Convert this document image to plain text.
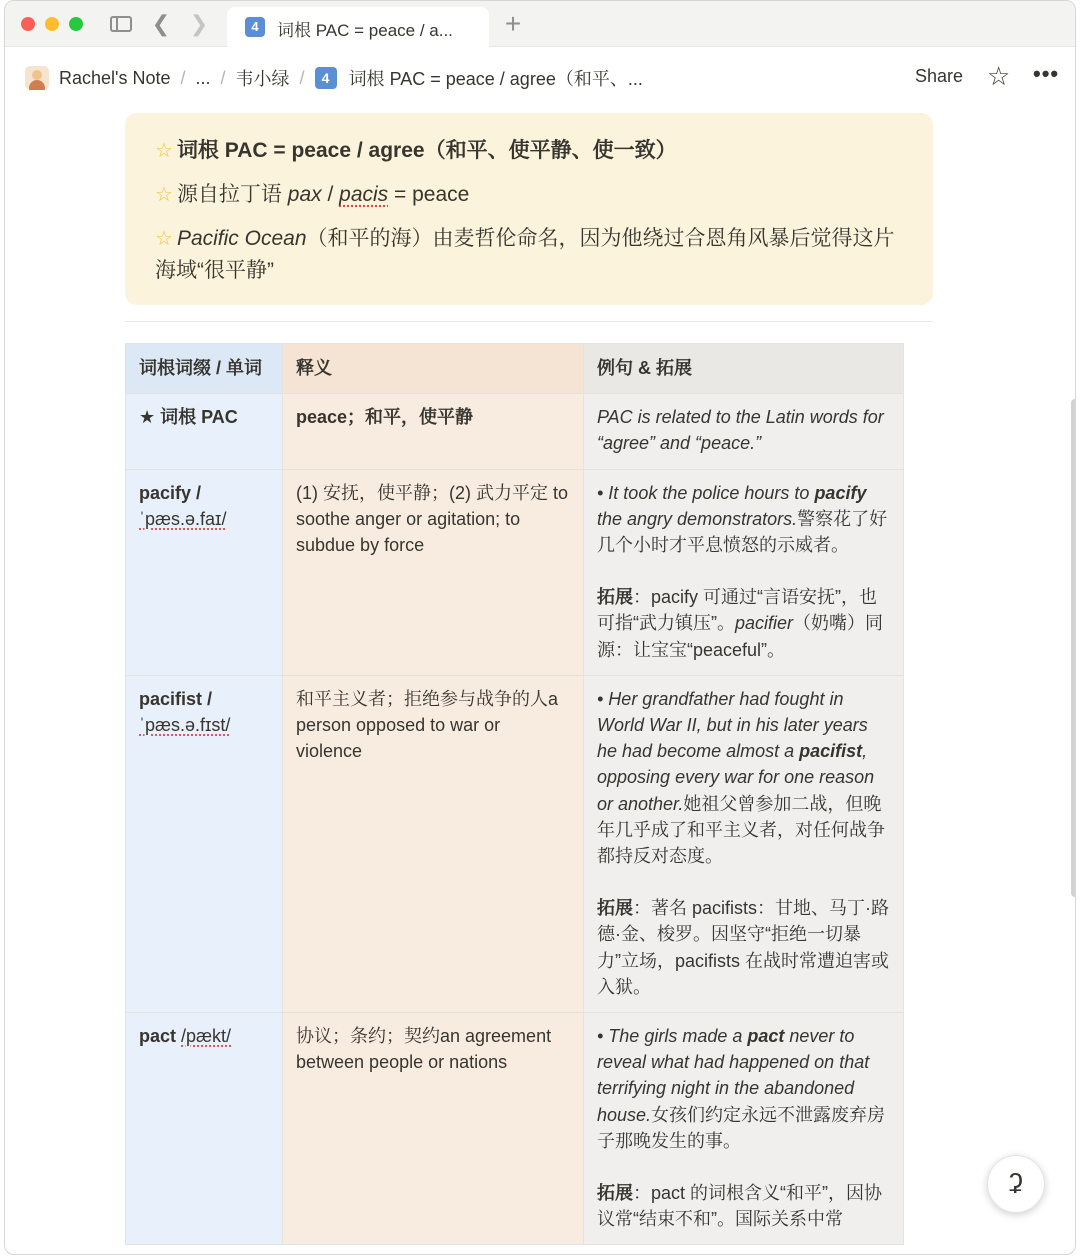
❮ ❯	4	词根 PAC = peace / a... +
Rachel's Note / ... / 韦小绿 /	4	词根 PAC = peace / agree（和平、...	Share ☆ •••
☆ 词根 PAC = peace / agree（和平、使平静、使一致）
☆ 源自拉丁语 pax / pacis = peace
☆ Pacific Ocean（和平的海）由麦哲伦命名，因为他绕过合恩角风暴后觉得这片海域“很平静”
词根词缀 / 单词	释义	例句 & 拓展
★ 词根 PAC	peace；和平，使平静	PAC is related to the Latin words for “agree” and “peace.”
pacify / ˈpæs.ə.faɪ/	(1) 安抚，使平静；(2) 武力平定 to soothe anger or agitation; to subdue by force	• It took the police hours to pacify the angry demonstrators.警察花了好几个小时才平息愤怒的示威者。
拓展：pacify 可通过“言语安抚”，也可指“武力镇压”。pacifier（奶嘴）同源：让宝宝“peaceful”。

pacifist / ˈpæs.ə.fɪst/	和平主义者；拒绝参与战争的人a person opposed to war or violence	• Her grandfather had fought in World War II, but in his later years he had become almost a pacifist, opposing every war for one reason or another.她祖父曾参加二战，但晚年几乎成了和平主义者，对任何战争都持反对态度。
拓展：著名 pacifists：甘地、马丁·路德·金、梭罗。因坚守“拒绝一切暴力”立场，pacifists 在战时常遭迫害或入狱。

pact /pækt/	协议；条约；契约an agreement between people or nations	• The girls made a pact never to reveal what had happened on that terrifying night in the abandoned house.女孩们约定永远不泄露废弃房子那晚发生的事。
拓展：pact 的词根含义“和平”，因协议常“结束不和”。国际关系中常
ʡ
